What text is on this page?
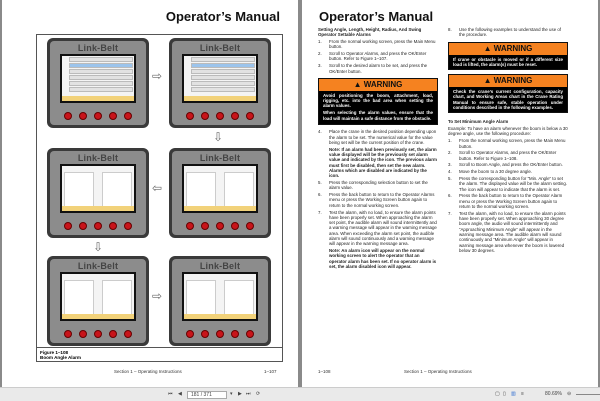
Operator’s Manual
Figure 1–108
Boom Angle Alarm
Link-Belt	Link-Belt
Link-Belt
Link-Belt
Link-Belt	Link-Belt
⇨
⇩
⇦
⇩
⇨
Section 1 – Operating Instructions	1–107
Operator’s Manual

Setting Angle, Length, Height, Radius, And Swing Operator Settable Alarms

1.	From the normal working screen, press the Main Menu button.
2.	Scroll to Operator Alarms, and press the OK/Enter button. Refer to Figure 1–107.
3.	Scroll to the desired alarm to be set, and press the OK/Enter button.
▲ WARNING

Avoid positioning the boom, attachment, load, rigging, etc. into the bad area when setting the alarm values.

When selecting the alarm values, ensure that the load will maintain a safe distance from the obstacle.

4.	Place the crane in the desired position depending upon the alarm to be set. The numerical value for the value being set will be the current position of the crane.

Note: If an alarm had been previously set, the alarm value displayed will be the previously set alarm value and indicated by the icon. The previous alarm must first be disabled, then set the new alarm. Alarms which are disabled are indicated by the icon.

5.	Press the corresponding selection button to set the alarm value.
6.	Press the back button to return to the Operator Alarms menu or press the Working Screen button again to return to the normal working screen.
7.	Test the alarm, with no load, to ensure the alarm points have been properly set. When approaching the alarm set point, the audible alarm will sound intermittently and a warning message will appear in the warning message area. When exceeding the alarm set point, the audible alarm will sound continuously and a warning message will appear in the warning message area.

Note: An alarm icon will appear on the normal working screen to alert the operator that an operator alarm has been set. If no operator alarm is set, the alarm disabled icon will appear.

8.	Use the following examples to understand the use of the procedure.
▲ WARNING
If crane or obstacle is moved or if a different size load is lifted, the alarm(s) must be reset.
▲ WARNING
Check the crane’s current configuration, capacity chart, and Working Areas chart in the Crane Rating Manual to ensure safe, stable operation under conditions described in the following examples.

To Set Minimum Angle Alarm

Example: To have an alarm whenever the boom is below a 30 degree angle, use the following procedure:

1.	From the normal working screen, press the Main Menu button.
2.	Scroll to Operator Alarms, and press the OK/Enter button. Refer to Figure 1–108.
3.	Scroll to Boom Angle, and press the OK/Enter button.
4.	Move the boom to a 30 degree angle.
5.	Press the corresponding button for “Min. Angle” to set the alarm. The displayed value will be the alarm setting. The icon will appear to indicate that the alarm is set.
6.	Press the back button to return to the Operator Alarm menu or press the Working Screen button again to return to the normal working screen.
7.	Test the alarm, with no load, to ensure the alarm points have been properly set. When approaching 30 degree boom angle, the audio will sound intermittently and “Approaching Minimum Angle” will appear in the warning message area. The audible alarm will sound continuously and “Minimum Angle” will appear in warning message area whenever the boom is lowered below 30 degrees.
1–108	Section 1 – Operating Instructions
⏮ ◀	181 / 371	▾ ▶ ⏭ ⟳	▢ ▯ ▥ ≡	80.69% ⊖
